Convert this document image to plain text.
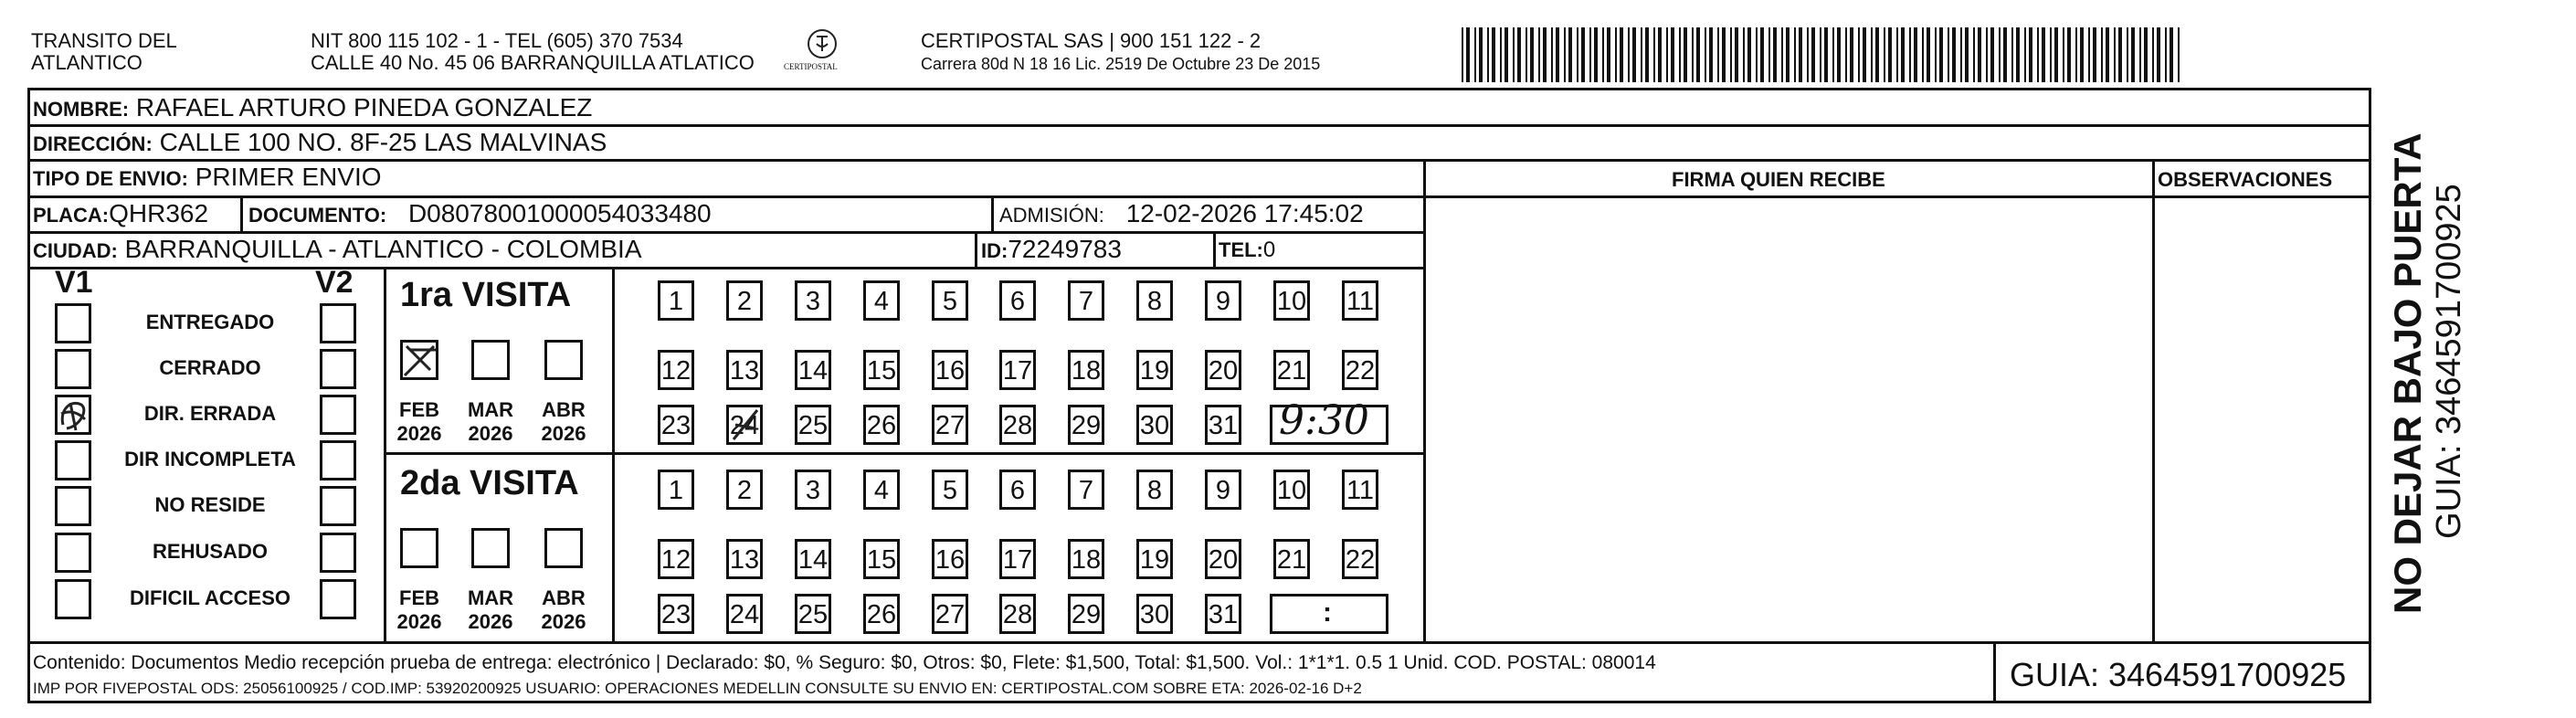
TRANSITO DEL
ATLANTICO
NIT 800 115 102 - 1 - TEL (605) 370 7534
CALLE 40 No. 45 06 BARRANQUILLA ATLATICO	CERTIPOSTAL
CERTIPOSTAL SAS | 900 151 122 - 2
Carrera 80d N 18 16 Lic. 2519 De Octubre 23 De 2015
NOMBRE: RAFAEL ARTURO PINEDA GONZALEZ
DIRECCIÓN: CALLE 100 NO. 8F-25 LAS MALVINAS
TIPO DE ENVIO: PRIMER ENVIO	FIRMA QUIEN RECIBE	OBSERVACIONES
PLACA:QHR362 DOCUMENTO: D08078001000054033480	ADMISIÓN: 12-02-2026 17:45:02
CIUDAD: BARRANQUILLA - ATLANTICO - COLOMBIA	ID:72249783	TEL:0
V1	V2
ENTREGADO
CERRADO
DIR. ERRADA
DIR INCOMPLETA
NO RESIDE
REHUSADO
DIFICIL ACCESO
1ra VISITA
2da VISITA
FEB
2026
MAR
2026
ABR
2026
FEB
2026
MAR
2026
ABR
2026
1	2	3	4	5	6	7	8	9	10 11
12 13 14 15 16 17 18 19 20 21 22
23 24 25 26 27 28 29 30 31 9:30
1	2	3	4	5	6	7	8	9	10 11
12 13 14 15 16 17 18 19 20 21 22
23 24 25 26 27 28 29 30 31	:
Contenido: Documentos Medio recepción prueba de entrega: electrónico | Declarado: $0, % Seguro: $0, Otros: $0, Flete: $1,500, Total: $1,500. Vol.: 1*1*1. 0.5 1 Unid. COD. POSTAL: 080014
IMP POR FIVEPOSTAL ODS: 25056100925 / COD.IMP: 53920200925 USUARIO: OPERACIONES MEDELLIN CONSULTE SU ENVIO EN: CERTIPOSTAL.COM SOBRE ETA: 2026-02-16 D+2	GUIA: 3464591700925
NO DEJAR BAJO PUERTA GUIA: 3464591700925
